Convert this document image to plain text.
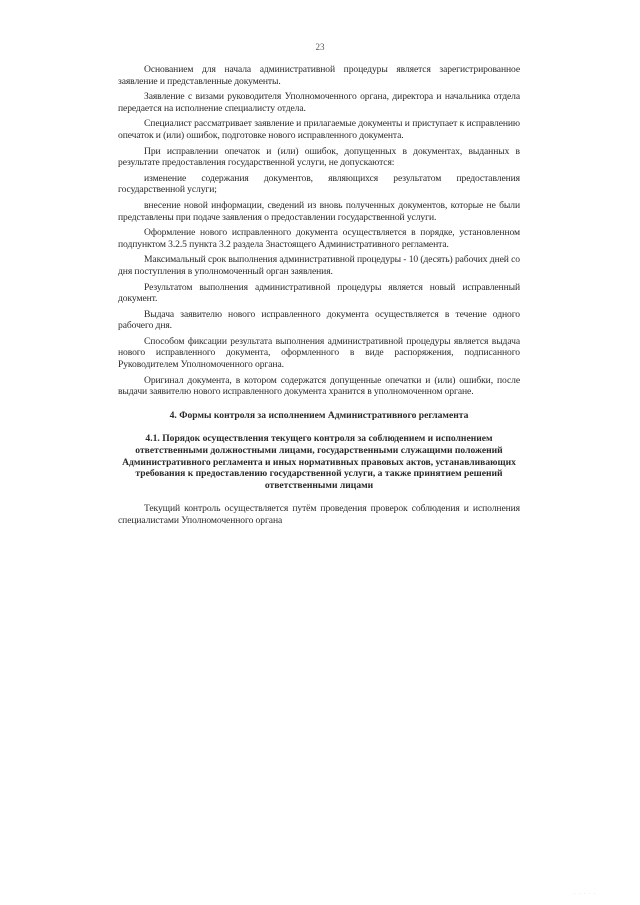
23

Основанием для начала административной процедуры является зарегистрированное заявление и представленные документы.

Заявление с визами руководителя Уполномоченного органа, директора и начальника отдела передается на исполнение специалисту отдела.

Специалист рассматривает заявление и прилагаемые документы и приступает к исправлению опечаток и (или) ошибок, подготовке нового исправленного документа.

При исправлении опечаток и (или) ошибок, допущенных в документах, выданных в результате предоставления государственной услуги, не допускаются:

изменение содержания документов, являющихся результатом предоставления государственной услуги;

внесение новой информации, сведений из вновь полученных документов, которые не были представлены при подаче заявления о предоставлении государственной услуги.

Оформление нового исправленного документа осуществляется в порядке, установленном подпунктом 3.2.5 пункта 3.2 раздела 3настоящего Административного регламента.

Максимальный срок выполнения административной процедуры - 10 (десять) рабочих дней со дня поступления в уполномоченный орган заявления.

Результатом выполнения административной процедуры является новый исправленный документ.

Выдача заявителю нового исправленного документа осуществляется в течение одного рабочего дня.

Способом фиксации результата выполнения административной процедуры является выдача нового исправленного документа, оформленного в виде распоряжения, подписанного Руководителем Уполномоченного органа.

Оригинал документа, в котором содержатся допущенные опечатки и (или) ошибки, после выдачи заявителю нового исправленного документа хранится в уполномоченном органе.

4. Формы контроля за исполнением Административного регламента
4.1. Порядок осуществления текущего контроля за соблюдением и исполнением ответственными должностными лицами, государственными служащими положений Административного регламента и иных нормативных правовых актов, устанавливающих требования к предоставлению государственной услуги, а также принятием решений ответственными лицами

Текущий контроль осуществляется путём проведения проверок соблюдения и исполнения специалистами Уполномоченного органа

· · · · ·
